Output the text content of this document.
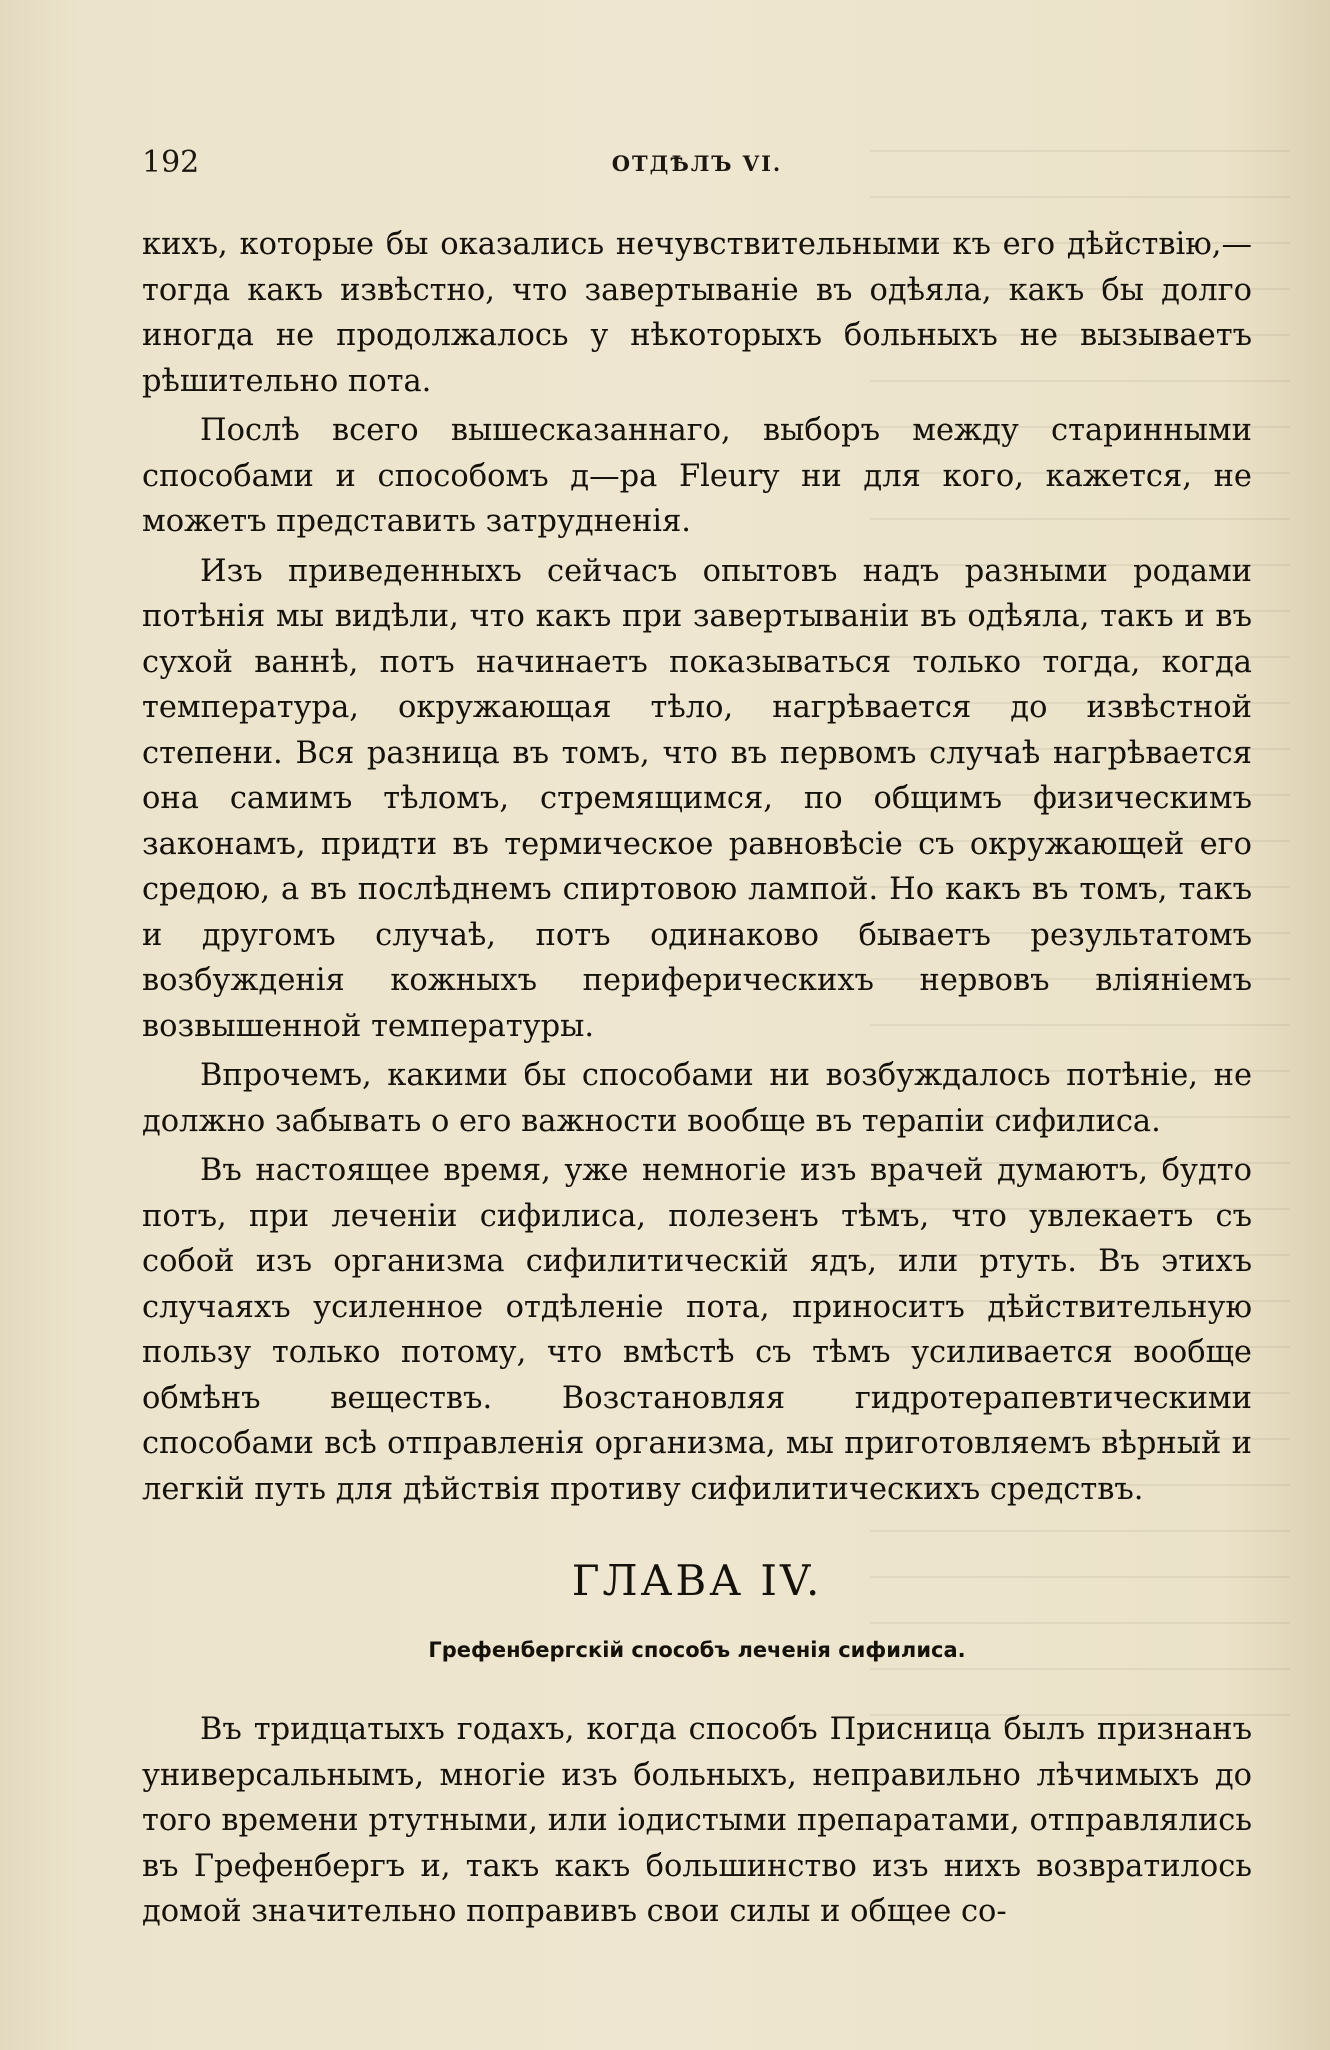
192	ОТДѢЛЪ VI.

кихъ, которые бы оказались нечувствительными къ его дѣйствію,— тогда какъ извѣстно, что завертываніе въ одѣяла, какъ бы долго иногда не продолжалось у нѣкоторыхъ больныхъ не вызываетъ рѣшительно пота.

Послѣ всего вышесказаннаго, выборъ между старинными способами и способомъ д—ра Fleury ни для кого, кажется, не можетъ представить затрудненія.

Изъ приведенныхъ сейчасъ опытовъ надъ разными родами потѣнія мы видѣли, что какъ при завертываніи въ одѣяла, такъ и въ сухой ваннѣ, потъ начинаетъ показываться только тогда, когда температура, окружающая тѣло, нагрѣвается до извѣстной степени. Вся разница въ томъ, что въ первомъ случаѣ нагрѣвается она самимъ тѣломъ, стремящимся, по общимъ физическимъ законамъ, придти въ термическое равновѣсіе съ окружающей его средою, а въ послѣднемъ спиртовою лампой. Но какъ въ томъ, такъ и другомъ случаѣ, потъ одинаково бываетъ результатомъ возбужденія кожныхъ периферическихъ нервовъ вліяніемъ возвышенной температуры.

Впрочемъ, какими бы способами ни возбуждалось потѣніе, не должно забывать о его важности вообще въ терапіи сифилиса.

Въ настоящее время, уже немногіе изъ врачей думаютъ, будто потъ, при леченіи сифилиса, полезенъ тѣмъ, что увлекаетъ съ собой изъ организма сифилитическій ядъ, или ртуть. Въ этихъ случаяхъ усиленное отдѣленіе пота, приноситъ дѣйствительную пользу только потому, что вмѣстѣ съ тѣмъ усиливается вообще обмѣнъ веществъ. Возстановляя гидротерапевтическими способами всѣ отправленія организма, мы приготовляемъ вѣрный и легкій путь для дѣйствія противу сифилитическихъ средствъ.

ГЛАВА IV.
Грефенбергскій способъ леченія сифилиса.

Въ тридцатыхъ годахъ, когда способъ Присница былъ признанъ универсальнымъ, многіе изъ больныхъ, неправильно лѣчимыхъ до того времени ртутными, или іодистыми препаратами, отправлялись въ Грефенбергъ и, такъ какъ большинство изъ нихъ возвратилось домой значительно поправивъ свои силы и общее со-
